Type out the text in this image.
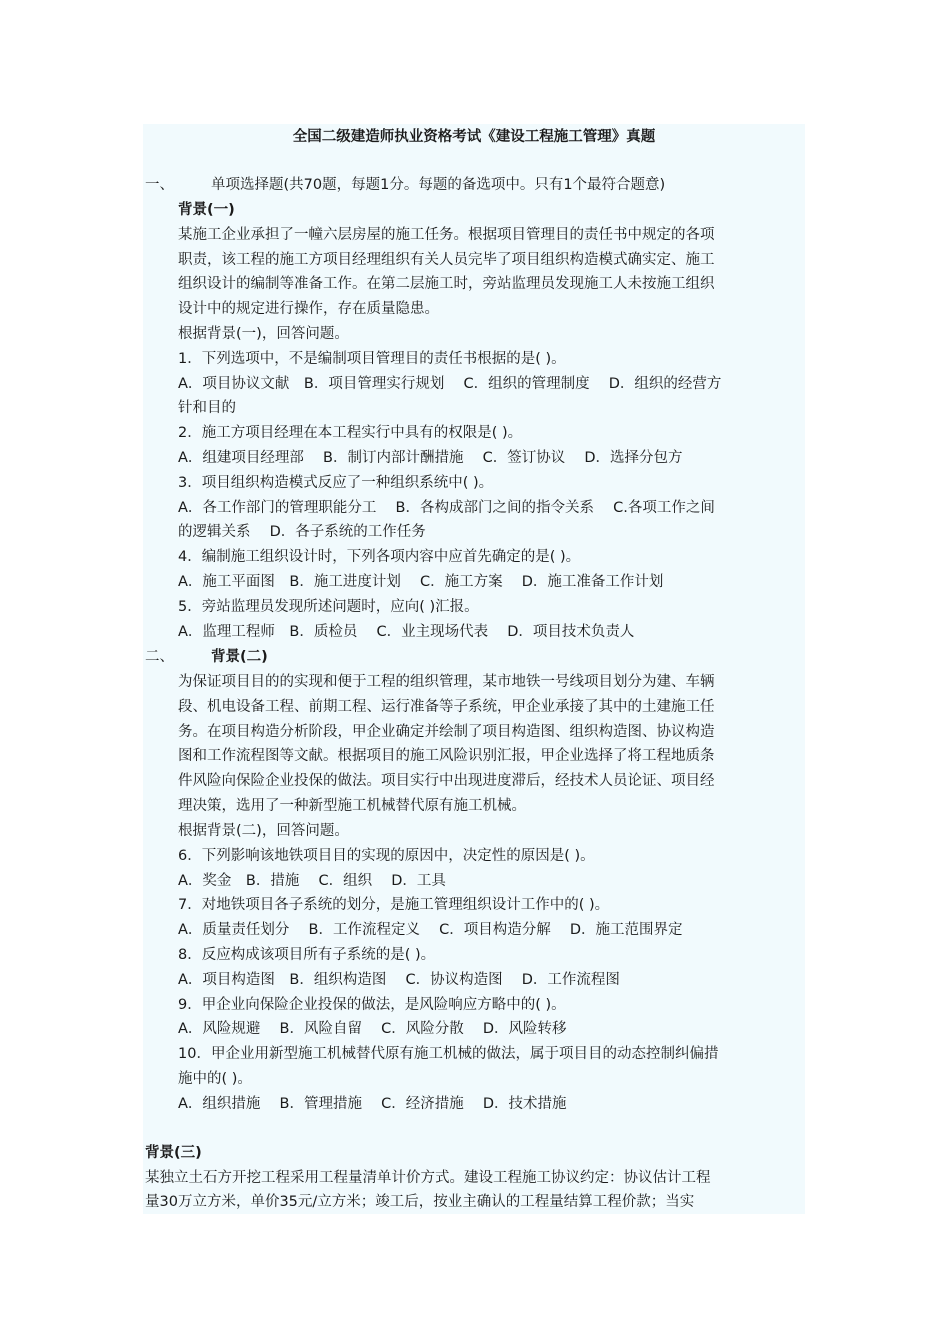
全国二级建造师执业资格考试《建设工程施工管理》真题
一、	单项选择题(共70题，每题1分。每题的备选项中。只有1个最符合题意)
背景(一)
某施工企业承担了一幢六层房屋的施工任务。根据项目管理目的责任书中规定的各项
职责，该工程的施工方项目经理组织有关人员完毕了项目组织构造模式确实定、施工
组织设计的编制等准备工作。在第二层施工时，旁站监理员发现施工人未按施工组织
设计中的规定进行操作，存在质量隐患。
根据背景(一)，回答问题。
1．下列选项中，不是编制项目管理目的责任书根据的是( )。
A．项目协议文献　B．项目管理实行规划　 C．组织的管理制度　 D．组织的经营方
针和目的
2．施工方项目经理在本工程实行中具有的权限是( )。
A．组建项目经理部　 B．制订内部计酬措施　 C．签订协议　 D．选择分包方
3．项目组织构造模式反应了一种组织系统中( )。
A．各工作部门的管理职能分工　 B．各构成部门之间的指令关系　 C.各项工作之间
的逻辑关系　 D．各子系统的工作任务
4．编制施工组织设计时，下列各项内容中应首先确定的是( )。
A．施工平面图　B．施工进度计划　 C．施工方案　 D．施工准备工作计划
5．旁站监理员发现所述问题时，应向( )汇报。
A．监理工程师　B．质检员　 C．业主现场代表　 D．项目技术负责人
二、	背景(二)
为保证项目目的的实现和便于工程的组织管理，某市地铁一号线项目划分为建、车辆
段、机电设备工程、前期工程、运行准备等子系统，甲企业承接了其中的土建施工任
务。在项目构造分析阶段，甲企业确定并绘制了项目构造图、组织构造图、协议构造
图和工作流程图等文献。根据项目的施工风险识别汇报，甲企业选择了将工程地质条
件风险向保险企业投保的做法。项目实行中出现进度滞后，经技术人员论证、项目经
理决策，选用了一种新型施工机械替代原有施工机械。
根据背景(二)，回答问题。
6．下列影响该地铁项目目的实现的原因中，决定性的原因是( )。
A．奖金　B．措施　 C．组织　 D．工具
7．对地铁项目各子系统的划分，是施工管理组织设计工作中的( )。
A．质量责任划分　 B．工作流程定义　 C．项目构造分解　 D．施工范围界定
8．反应构成该项目所有子系统的是( )。
A．项目构造图　B．组织构造图　 C．协议构造图　 D．工作流程图
9．甲企业向保险企业投保的做法，是风险响应方略中的( )。
A．风险规避　 B．风险自留　 C．风险分散　 D．风险转移
10．甲企业用新型施工机械替代原有施工机械的做法，属于项目目的动态控制纠偏措
施中的( )。
A．组织措施　 B．管理措施　 C．经济措施　 D．技术措施
背景(三)
某独立土石方开挖工程采用工程量清单计价方式。建设工程施工协议约定：协议估计工程
量30万立方米，单价35元/立方米；竣工后，按业主确认的工程量结算工程价款；当实
